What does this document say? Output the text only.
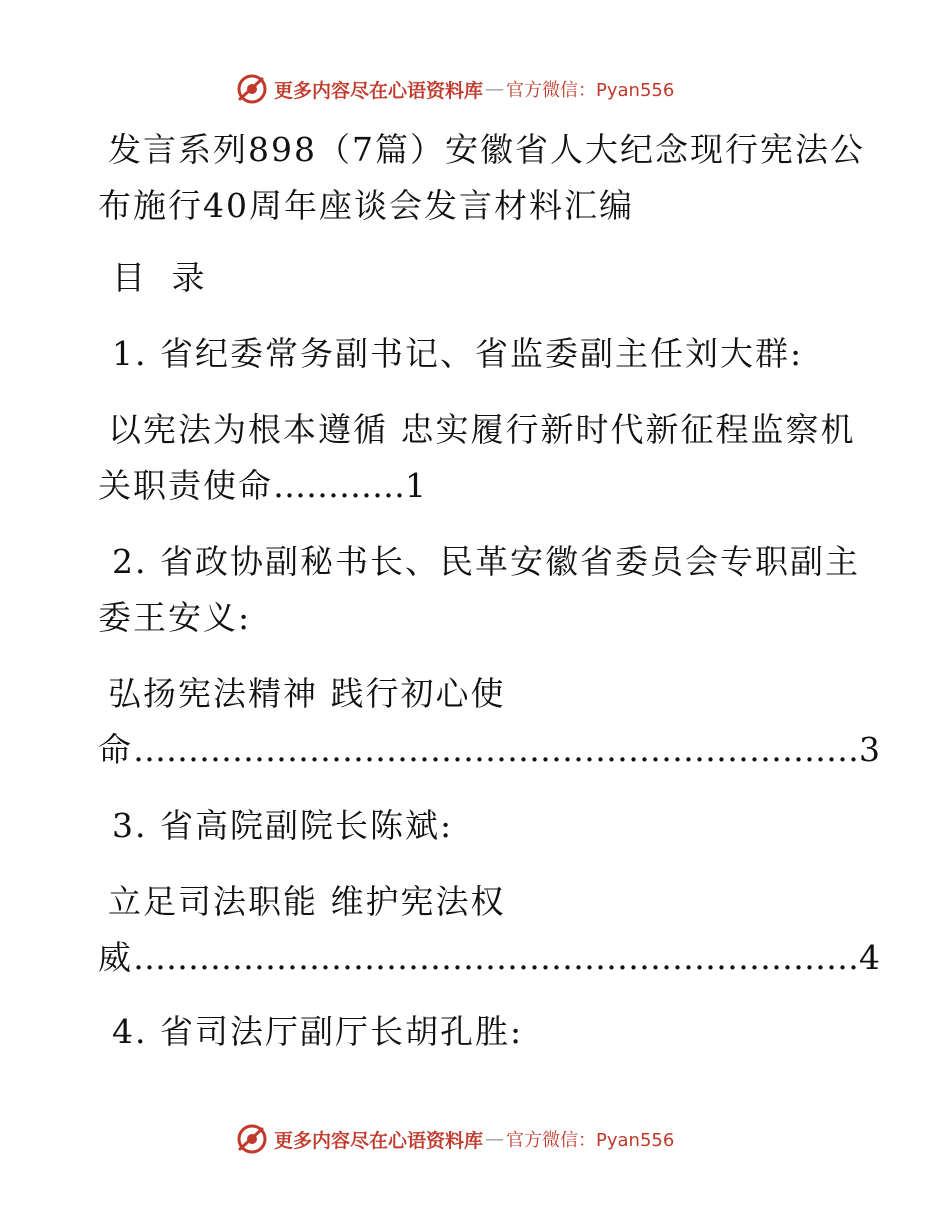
更多内容尽在心语资料库 — 官方微信：Pyan556
发言系列898（7篇）安徽省人大纪念现行宪法公
布施行40周年座谈会发言材料汇编
目 录
1. 省纪委常务副书记、省监委副主任刘大群:
以宪法为根本遵循 忠实履行新时代新征程监察机
关职责使命…………1
2. 省政协副秘书长、民革安徽省委员会专职副主
委王安义:
弘扬宪法精神 践行初心使
命…………………………………………………………3
3. 省高院副院长陈斌:
立足司法职能 维护宪法权
威…………………………………………………………4
4. 省司法厅副厅长胡孔胜:
更多内容尽在心语资料库 — 官方微信：Pyan556
